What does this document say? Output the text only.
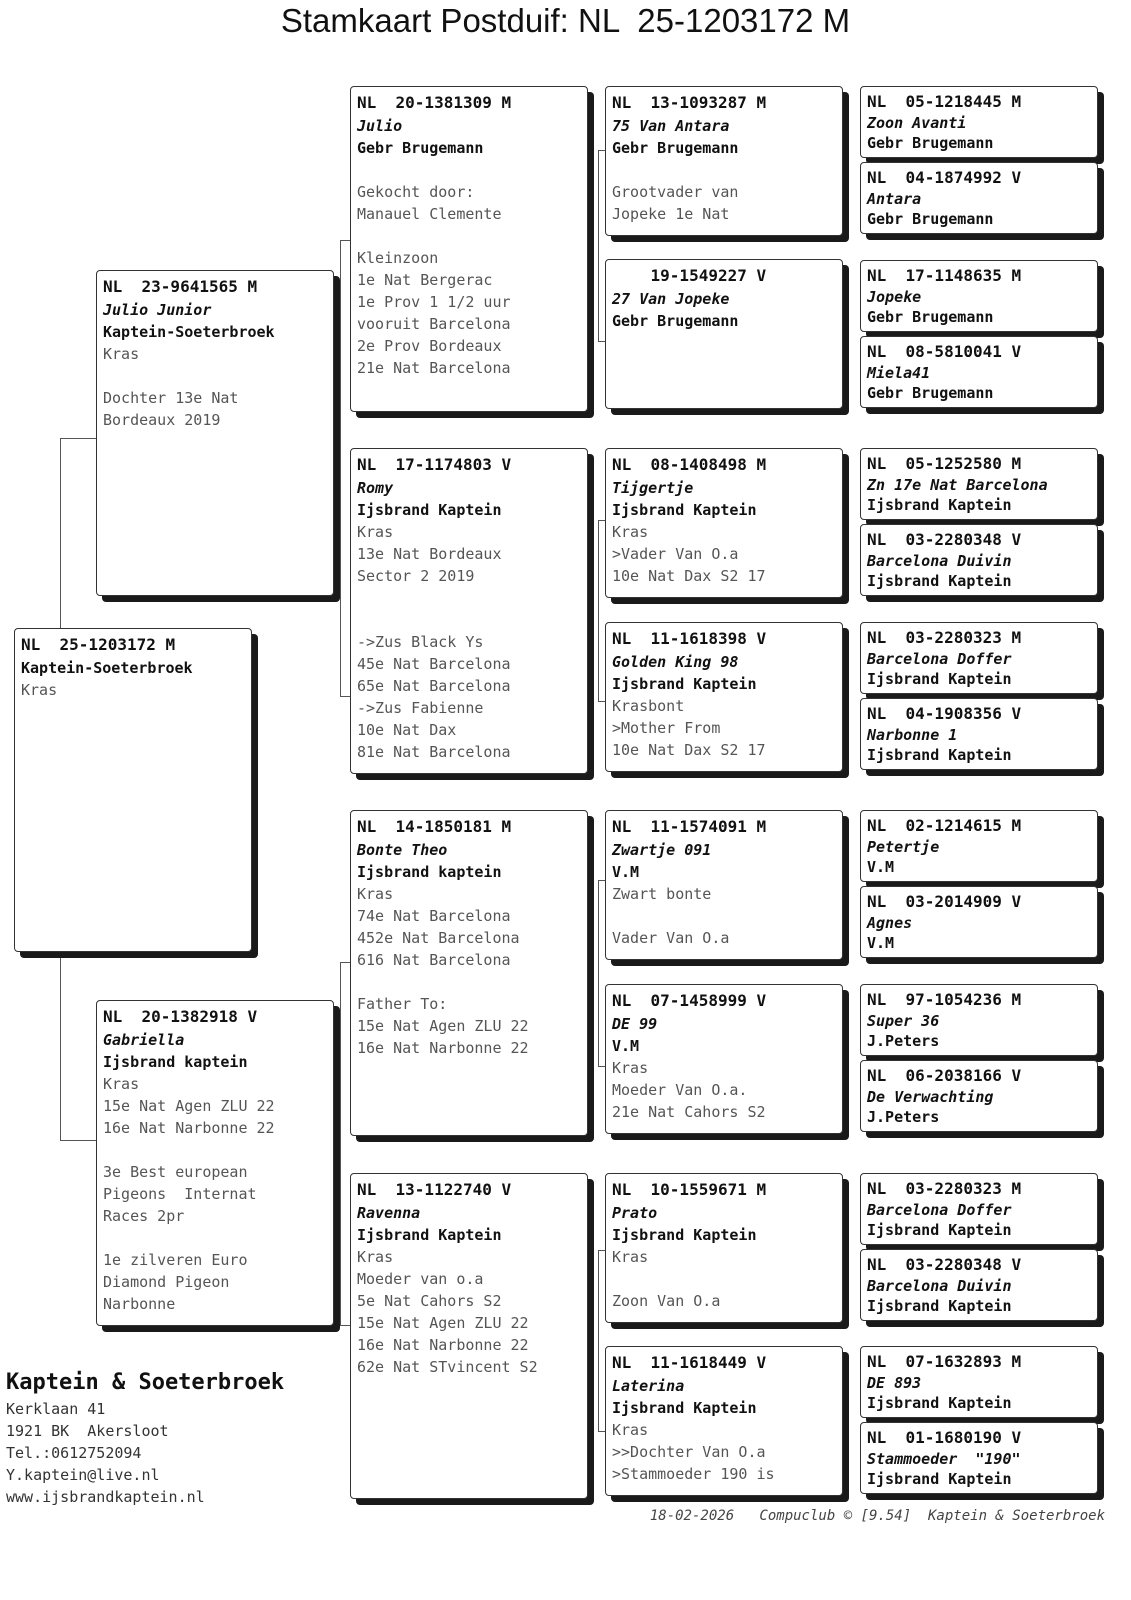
Stamkaart Postduif: NL  25-1203172 M
NL  25-1203172 M
Kaptein-Soeterbroek
Kras
NL  23-9641565 M
Julio Junior
Kaptein-Soeterbroek
Kras
Dochter 13e Nat
Bordeaux 2019
NL  20-1382918 V
Gabriella
Ijsbrand kaptein
Kras
15e Nat Agen ZLU 22
16e Nat Narbonne 22
3e Best european
Pigeons  Internat
Races 2pr
1e zilveren Euro
Diamond Pigeon
Narbonne
NL  20-1381309 M
Julio
Gebr Brugemann
Gekocht door:
Manauel Clemente
Kleinzoon
1e Nat Bergerac
1e Prov 1 1/2 uur
vooruit Barcelona
2e Prov Bordeaux
21e Nat Barcelona
NL  17-1174803 V
Romy
Ijsbrand Kaptein
Kras
13e Nat Bordeaux
Sector 2 2019
->Zus Black Ys
45e Nat Barcelona
65e Nat Barcelona
->Zus Fabienne
10e Nat Dax
81e Nat Barcelona
NL  14-1850181 M
Bonte Theo
Ijsbrand kaptein
Kras
74e Nat Barcelona
452e Nat Barcelona
616 Nat Barcelona
Father To:
15e Nat Agen ZLU 22
16e Nat Narbonne 22
NL  13-1122740 V
Ravenna
Ijsbrand Kaptein
Kras
Moeder van o.a
5e Nat Cahors S2
15e Nat Agen ZLU 22
16e Nat Narbonne 22
62e Nat STvincent S2
NL  13-1093287 M
75 Van Antara
Gebr Brugemann
Grootvader van
Jopeke 1e Nat
19-1549227 V
27 Van Jopeke
Gebr Brugemann
NL  08-1408498 M
Tijgertje
Ijsbrand Kaptein
Kras
>Vader Van O.a
10e Nat Dax S2 17
NL  11-1618398 V
Golden King 98
Ijsbrand Kaptein
Krasbont
>Mother From
10e Nat Dax S2 17
NL  11-1574091 M
Zwartje 091
V.M
Zwart bonte
Vader Van O.a
NL  07-1458999 V
DE 99
V.M
Kras
Moeder Van O.a.
21e Nat Cahors S2
NL  10-1559671 M
Prato
Ijsbrand Kaptein
Kras
Zoon Van O.a
NL  11-1618449 V
Laterina
Ijsbrand Kaptein
Kras
>>Dochter Van O.a
>Stammoeder 190 is
NL  05-1218445 M
Zoon Avanti
Gebr Brugemann
NL  04-1874992 V
Antara
Gebr Brugemann
NL  17-1148635 M
Jopeke
Gebr Brugemann
NL  08-5810041 V
Miela41
Gebr Brugemann
NL  05-1252580 M
Zn 17e Nat Barcelona
Ijsbrand Kaptein
NL  03-2280348 V
Barcelona Duivin
Ijsbrand Kaptein
NL  03-2280323 M
Barcelona Doffer
Ijsbrand Kaptein
NL  04-1908356 V
Narbonne 1
Ijsbrand Kaptein
NL  02-1214615 M
Petertje
V.M
NL  03-2014909 V
Agnes
V.M
NL  97-1054236 M
Super 36
J.Peters
NL  06-2038166 V
De Verwachting
J.Peters
NL  03-2280323 M
Barcelona Doffer
Ijsbrand Kaptein
NL  03-2280348 V
Barcelona Duivin
Ijsbrand Kaptein
NL  07-1632893 M
DE 893
Ijsbrand Kaptein
NL  01-1680190 V
Stammoeder  "190"
Ijsbrand Kaptein
Kaptein & Soeterbroek
Kerklaan 41
1921 BK  Akersloot
Tel.:0612752094
Y.kaptein@live.nl
www.ijsbrandkaptein.nl
18-02-2026   Compuclub © [9.54]  Kaptein & Soeterbroek
